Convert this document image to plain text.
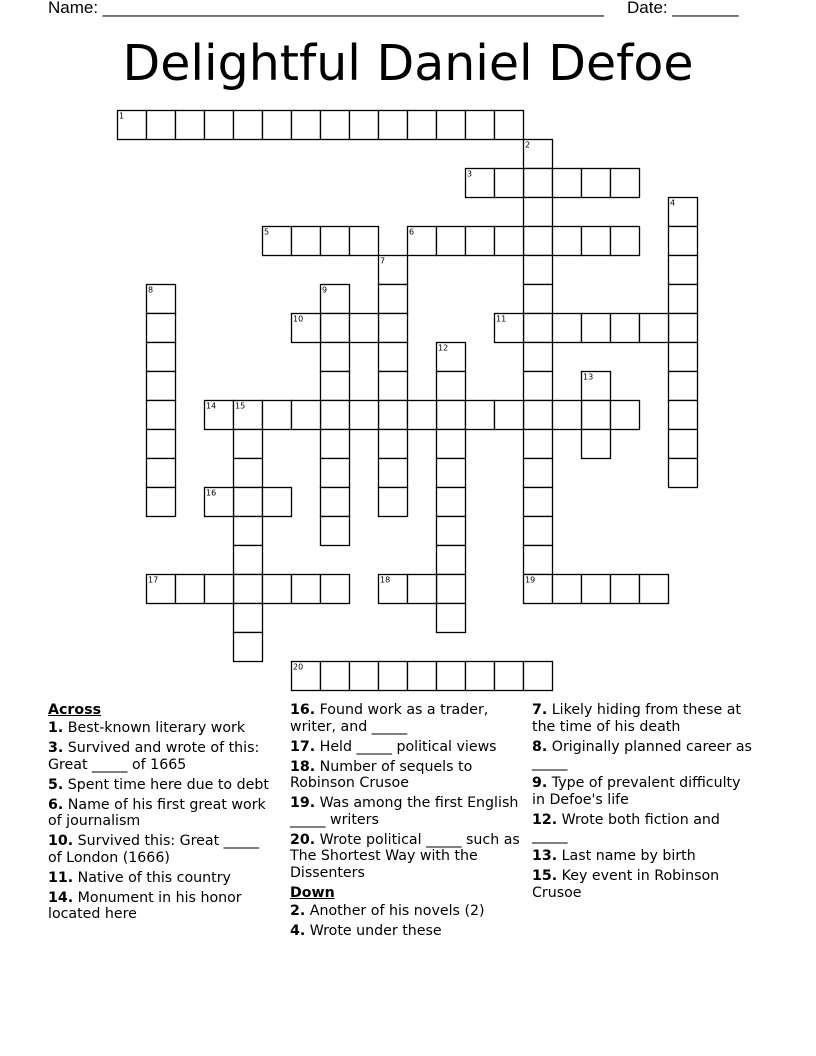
Name: _____________________________________________________ Date: _______
Delightful Daniel Defoe
1
2
3
4
5	6
7
8	9
10	11
12
13
14 15
16
17	18	19
20
Across
1. Best-known literary work
3. Survived and wrote of this: Great _____ of 1665
5. Spent time here due to debt
6. Name of his first great work of journalism
10. Survived this: Great _____ of London (1666)
11. Native of this country
14. Monument in his honor located here
16. Found work as a trader, writer, and _____
17. Held _____ political views
18. Number of sequels to Robinson Crusoe
19. Was among the first English _____ writers
20. Wrote political _____ such as The Shortest Way with the Dissenters
Down
2. Another of his novels (2)
4. Wrote under these
7. Likely hiding from these at the time of his death
8. Originally planned career as _____
9. Type of prevalent difficulty in Defoe's life
12. Wrote both fiction and _____
13. Last name by birth
15. Key event in Robinson Crusoe
